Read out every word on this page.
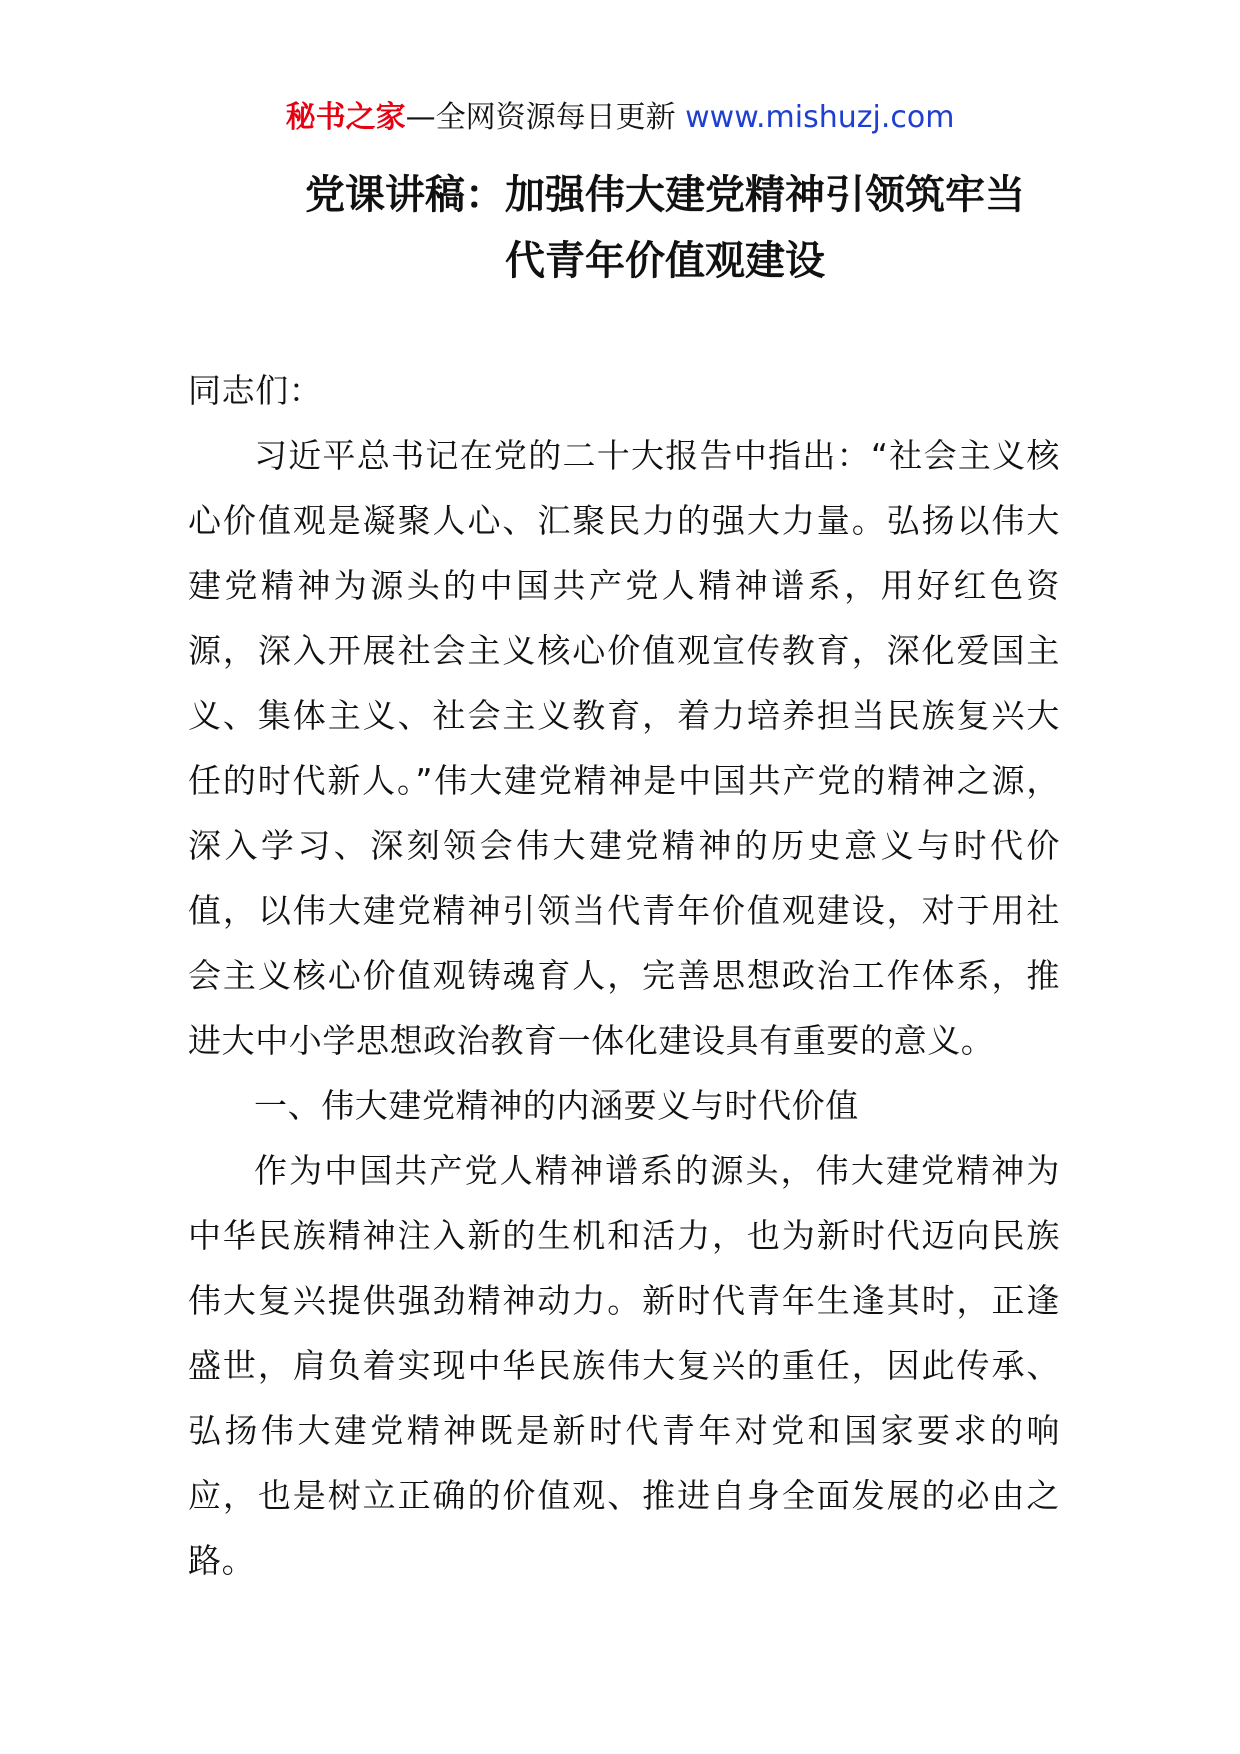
秘书之家—全网资源每日更新 www.mishuzj.com
党课讲稿：加强伟大建党精神引领筑牢当
代青年价值观建设

同志们：

习近平总书记在党的二十大报告中指出：“社会主义核心价值观是凝聚人心、汇聚民力的强大力量。弘扬以伟大建党精神为源头的中国共产党人精神谱系，用好红色资源，深入开展社会主义核心价值观宣传教育，深化爱国主义、集体主义、社会主义教育，着力培养担当民族复兴大任的时代新人。”伟大建党精神是中国共产党的精神之源，深入学习、深刻领会伟大建党精神的历史意义与时代价值，以伟大建党精神引领当代青年价值观建设，对于用社会主义核心价值观铸魂育人，完善思想政治工作体系，推进大中小学思想政治教育一体化建设具有重要的意义。

一、伟大建党精神的内涵要义与时代价值

作为中国共产党人精神谱系的源头，伟大建党精神为中华民族精神注入新的生机和活力，也为新时代迈向民族伟大复兴提供强劲精神动力。新时代青年生逢其时，正逢盛世，肩负着实现中华民族伟大复兴的重任，因此传承、弘扬伟大建党精神既是新时代青年对党和国家要求的响应，也是树立正确的价值观、推进自身全面发展的必由之路。
